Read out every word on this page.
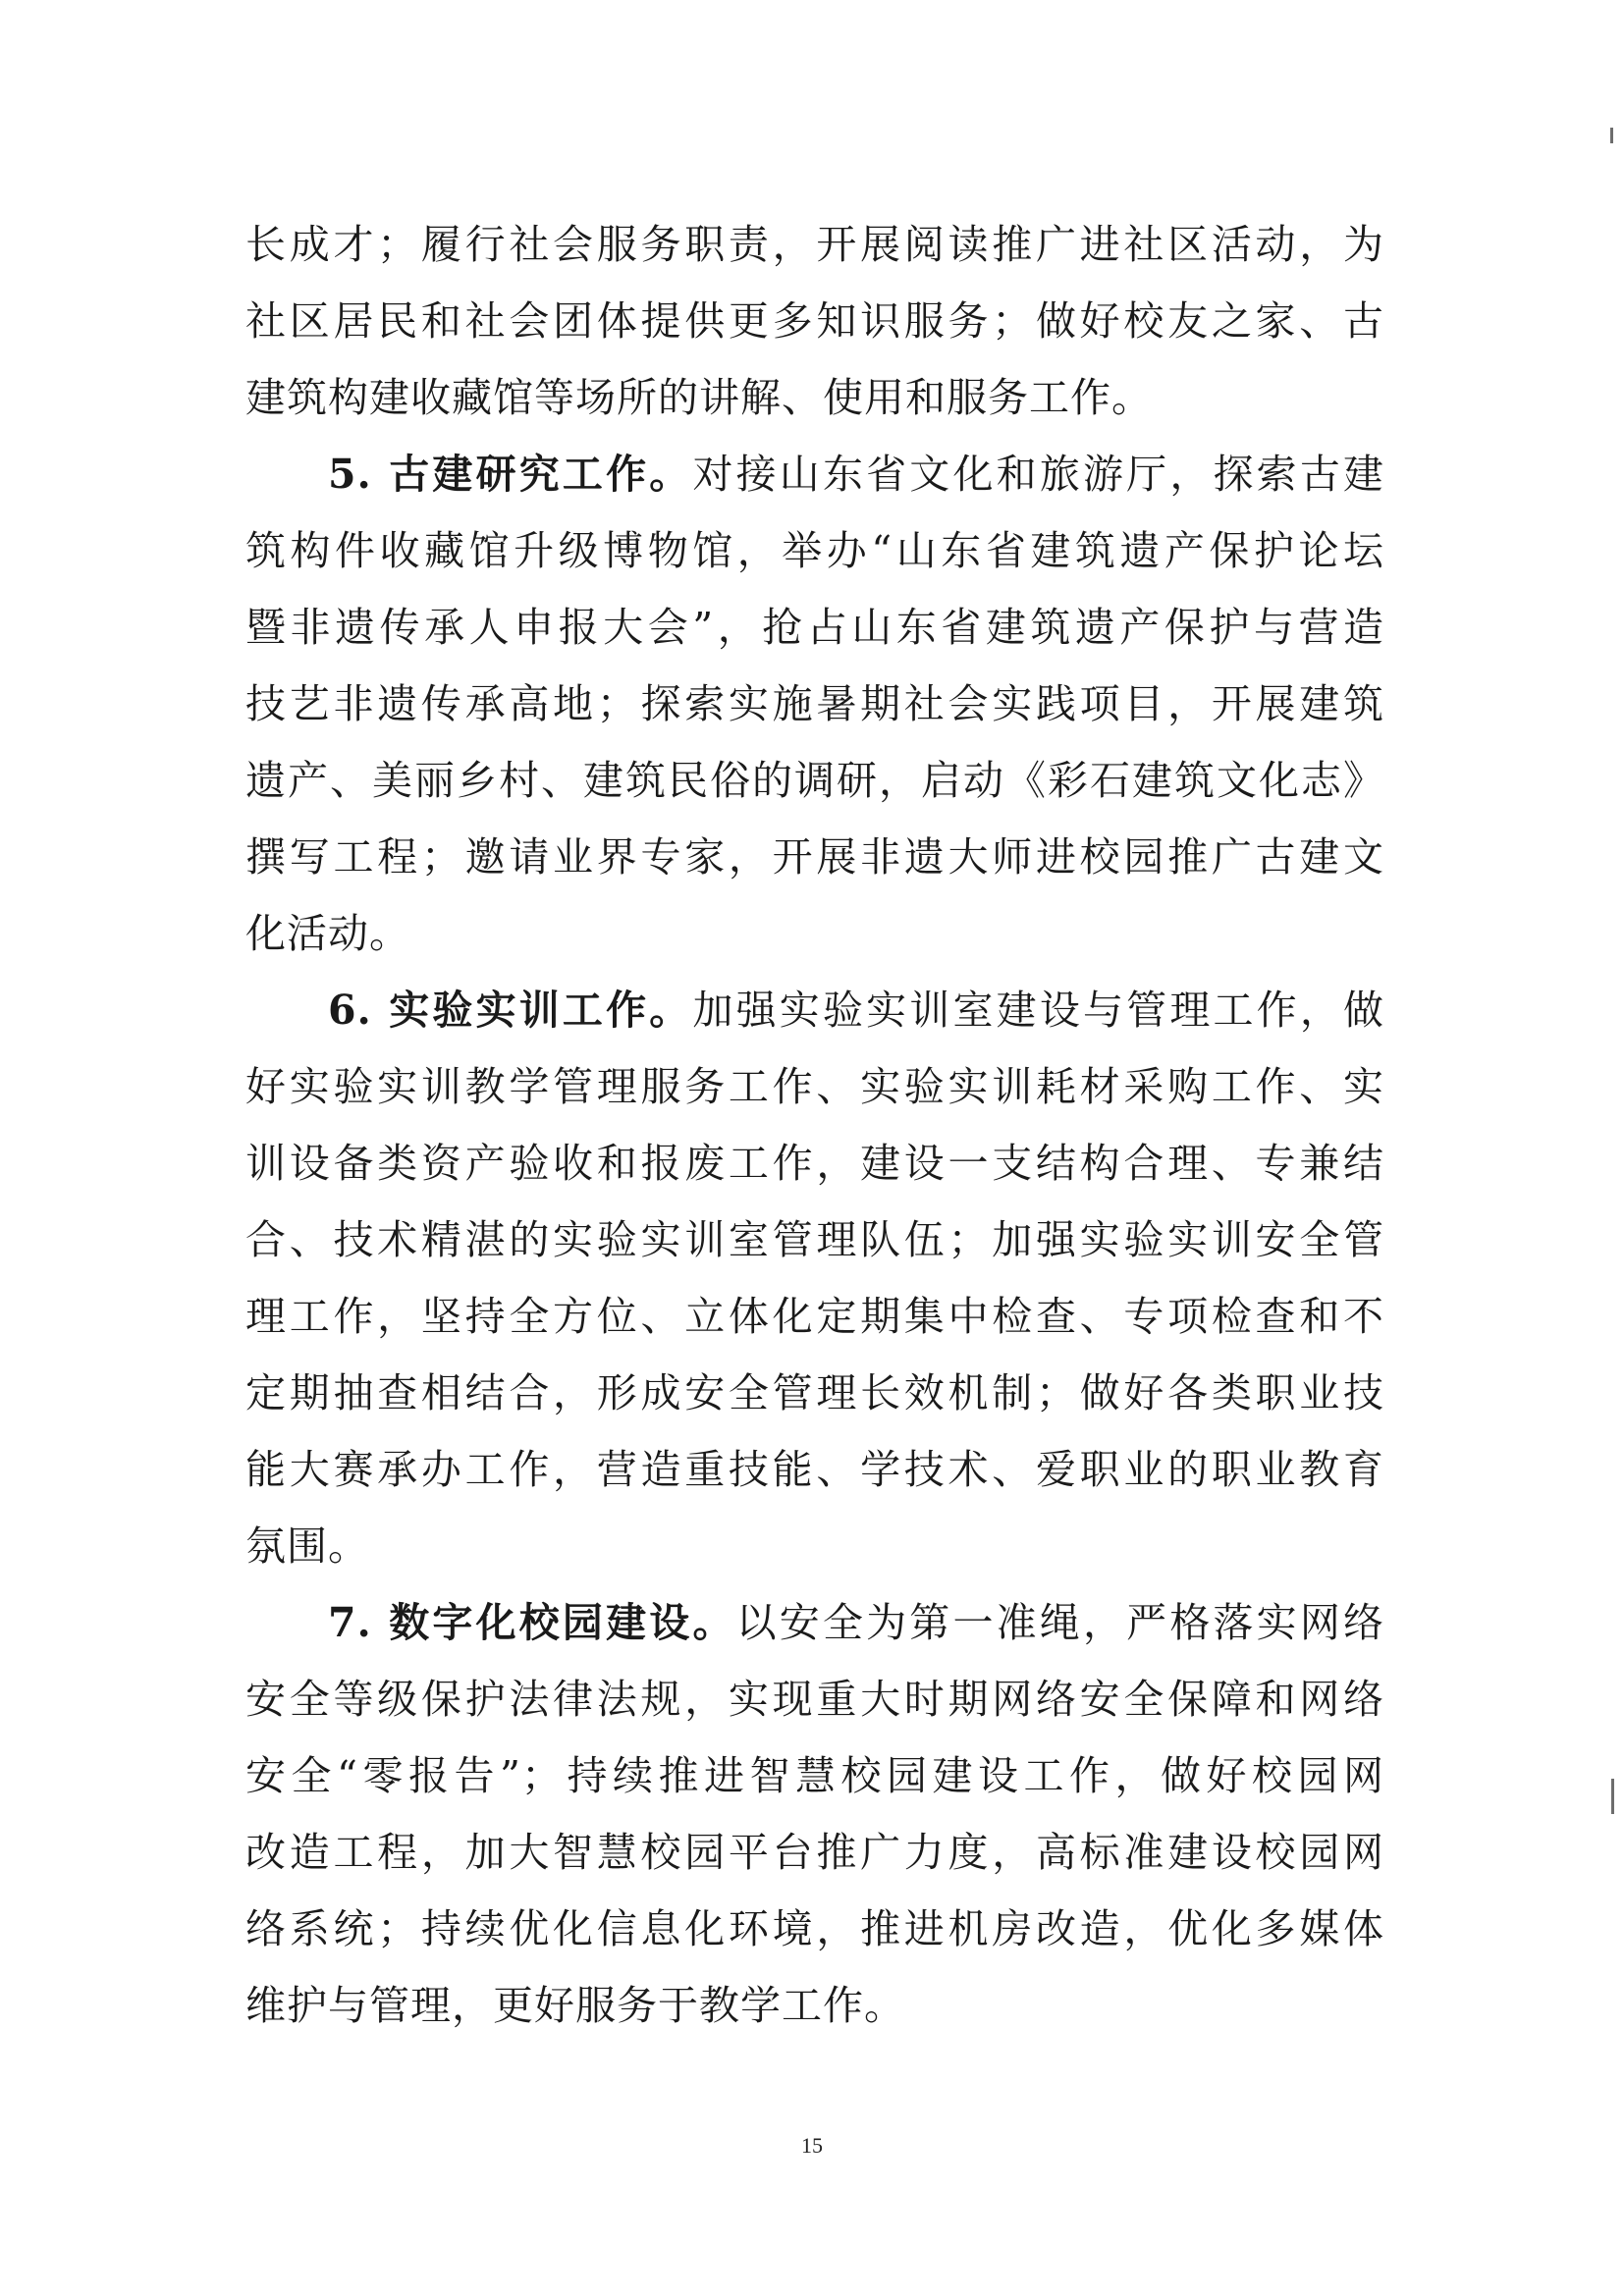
长成才；履行社会服务职责，开展阅读推广进社区活动，为
社区居民和社会团体提供更多知识服务；做好校友之家、古
建筑构建收藏馆等场所的讲解、使用和服务工作。
5. 古建研究工作。对接山东省文化和旅游厅，探索古建
筑构件收藏馆升级博物馆，举办“山东省建筑遗产保护论坛
暨非遗传承人申报大会”，抢占山东省建筑遗产保护与营造
技艺非遗传承高地；探索实施暑期社会实践项目，开展建筑
遗产、美丽乡村、建筑民俗的调研，启动《彩石建筑文化志》
撰写工程；邀请业界专家，开展非遗大师进校园推广古建文
化活动。
6. 实验实训工作。加强实验实训室建设与管理工作，做
好实验实训教学管理服务工作、实验实训耗材采购工作、实
训设备类资产验收和报废工作，建设一支结构合理、专兼结
合、技术精湛的实验实训室管理队伍；加强实验实训安全管
理工作，坚持全方位、立体化定期集中检查、专项检查和不
定期抽查相结合，形成安全管理长效机制；做好各类职业技
能大赛承办工作，营造重技能、学技术、爱职业的职业教育
氛围。
7. 数字化校园建设。以安全为第一准绳，严格落实网络
安全等级保护法律法规，实现重大时期网络安全保障和网络
安全“零报告”；持续推进智慧校园建设工作，做好校园网
改造工程，加大智慧校园平台推广力度，高标准建设校园网
络系统；持续优化信息化环境，推进机房改造，优化多媒体
维护与管理，更好服务于教学工作。
15
